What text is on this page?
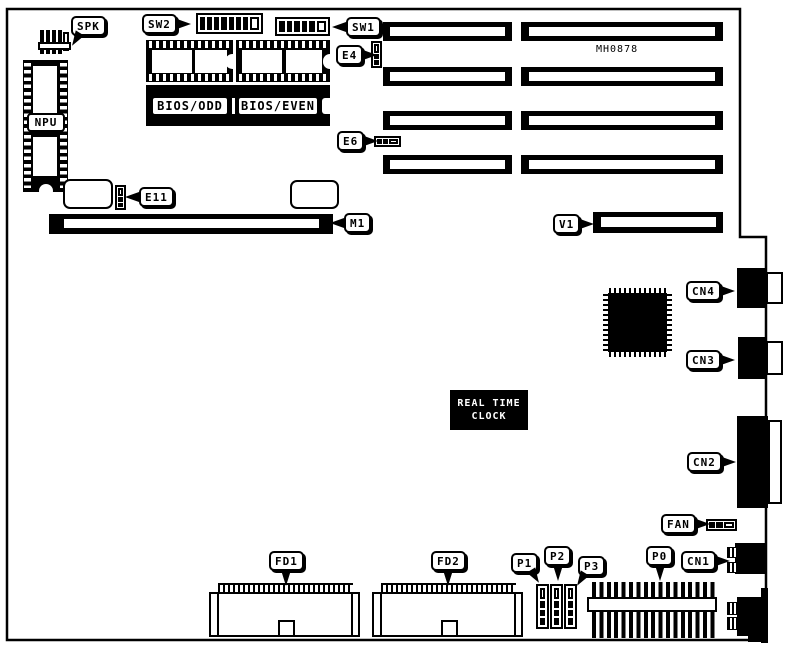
SPK
NPU
SW2	SW1
E4
BIOS/ODD BIOS/EVEN
E6
E11
M1
MH0878
V1
REAL TIME
CLOCK
CN4
CN3
CN2
FAN
CN1
FD1	FD2	P1
P2
P3
P0
